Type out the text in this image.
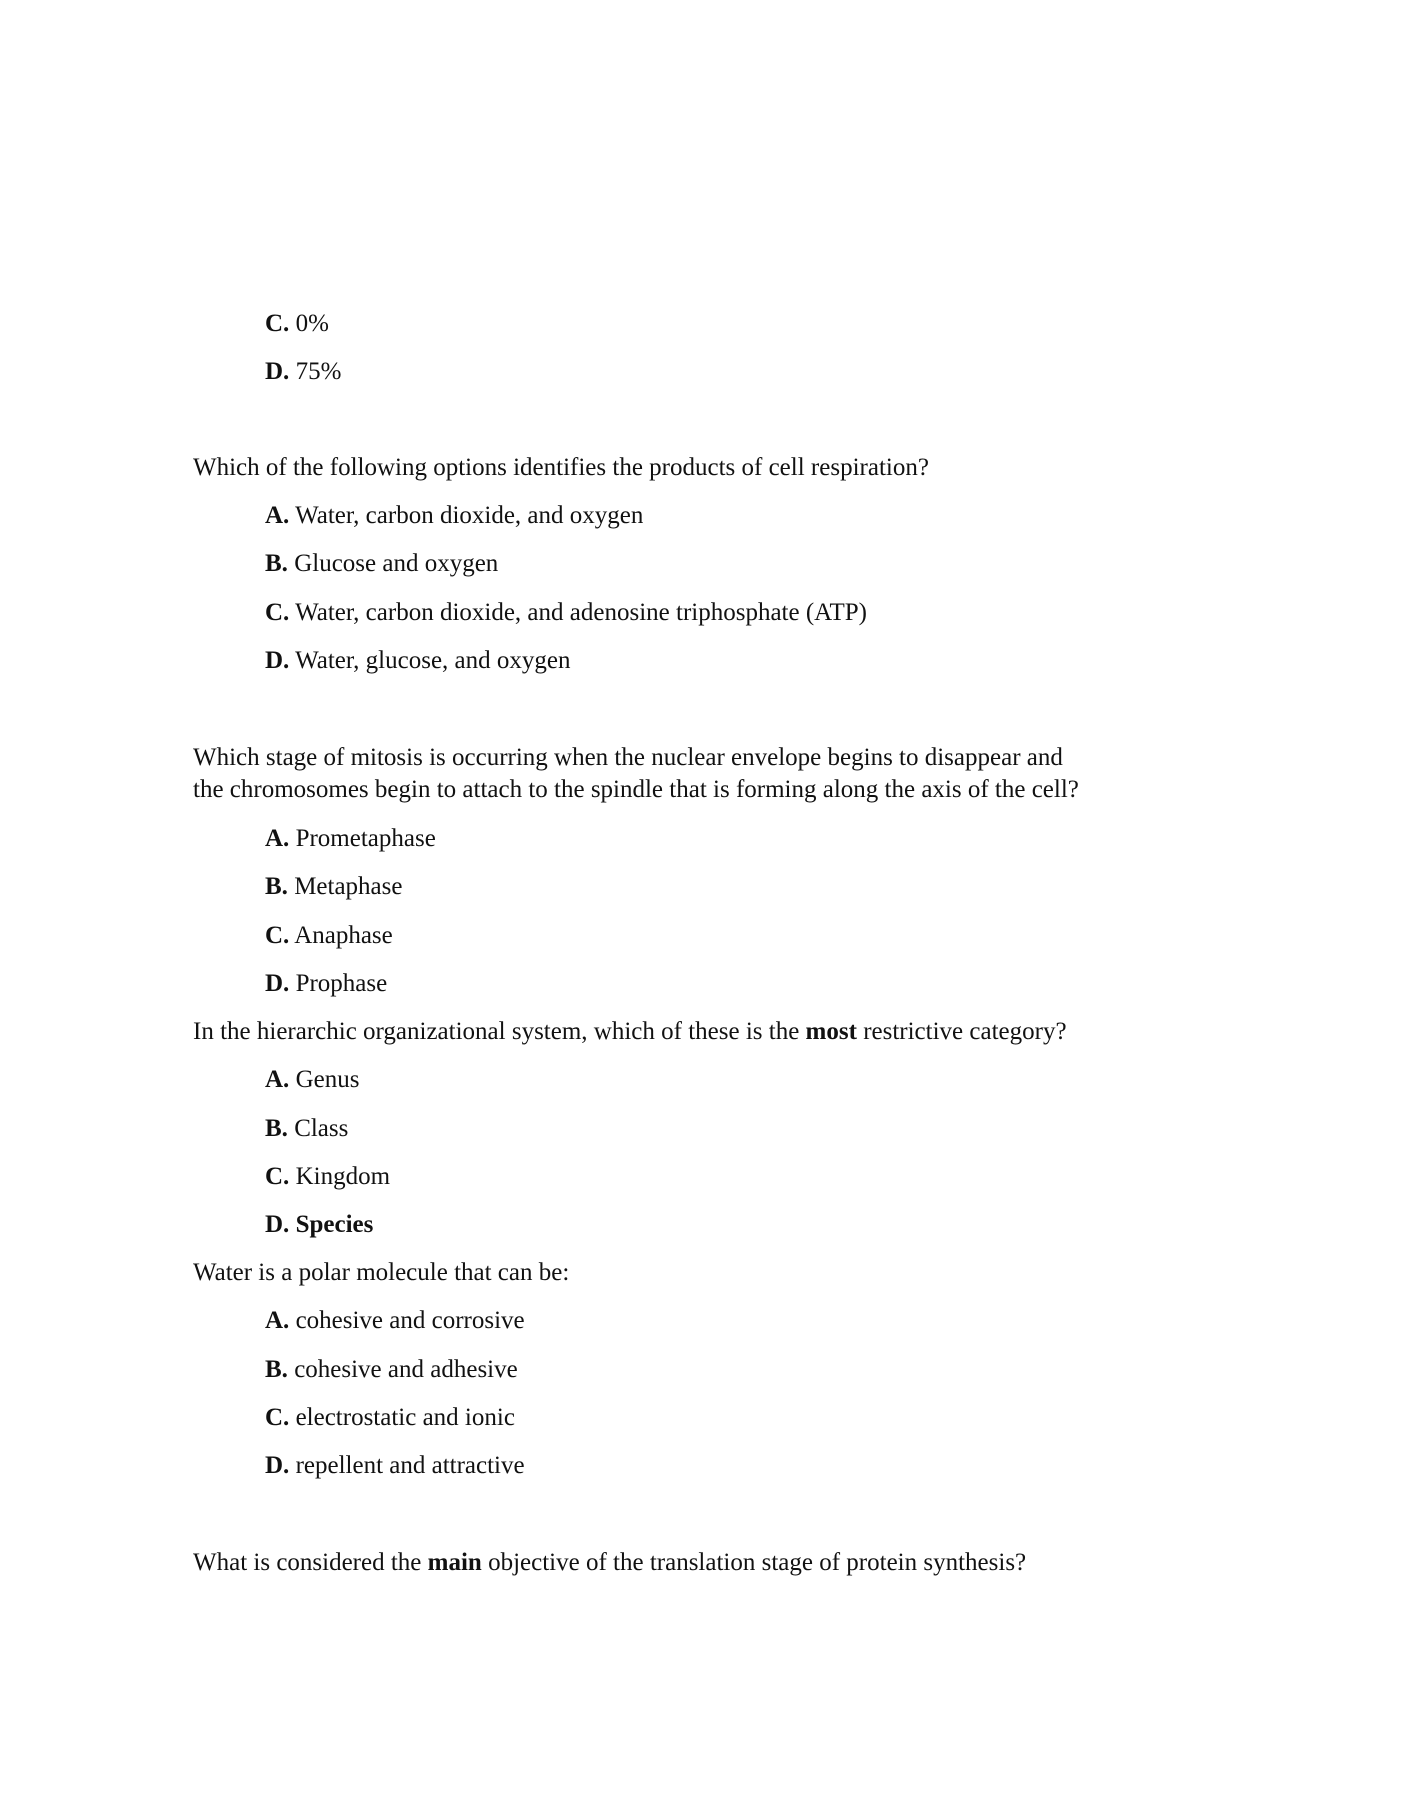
C. 0%

D. 75%

Which of the following options identifies the products of cell respiration?

A. Water, carbon dioxide, and oxygen

B. Glucose and oxygen

C. Water, carbon dioxide, and adenosine triphosphate (ATP)

D. Water, glucose, and oxygen

Which stage of mitosis is occurring when the nuclear envelope begins to disappear and
the chromosomes begin to attach to the spindle that is forming along the axis of the cell?

A. Prometaphase

B. Metaphase

C. Anaphase

D. Prophase

In the hierarchic organizational system, which of these is the most restrictive category?

A. Genus

B. Class

C. Kingdom

D. Species

Water is a polar molecule that can be:

A. cohesive and corrosive

B. cohesive and adhesive

C. electrostatic and ionic

D. repellent and attractive

What is considered the main objective of the translation stage of protein synthesis?
